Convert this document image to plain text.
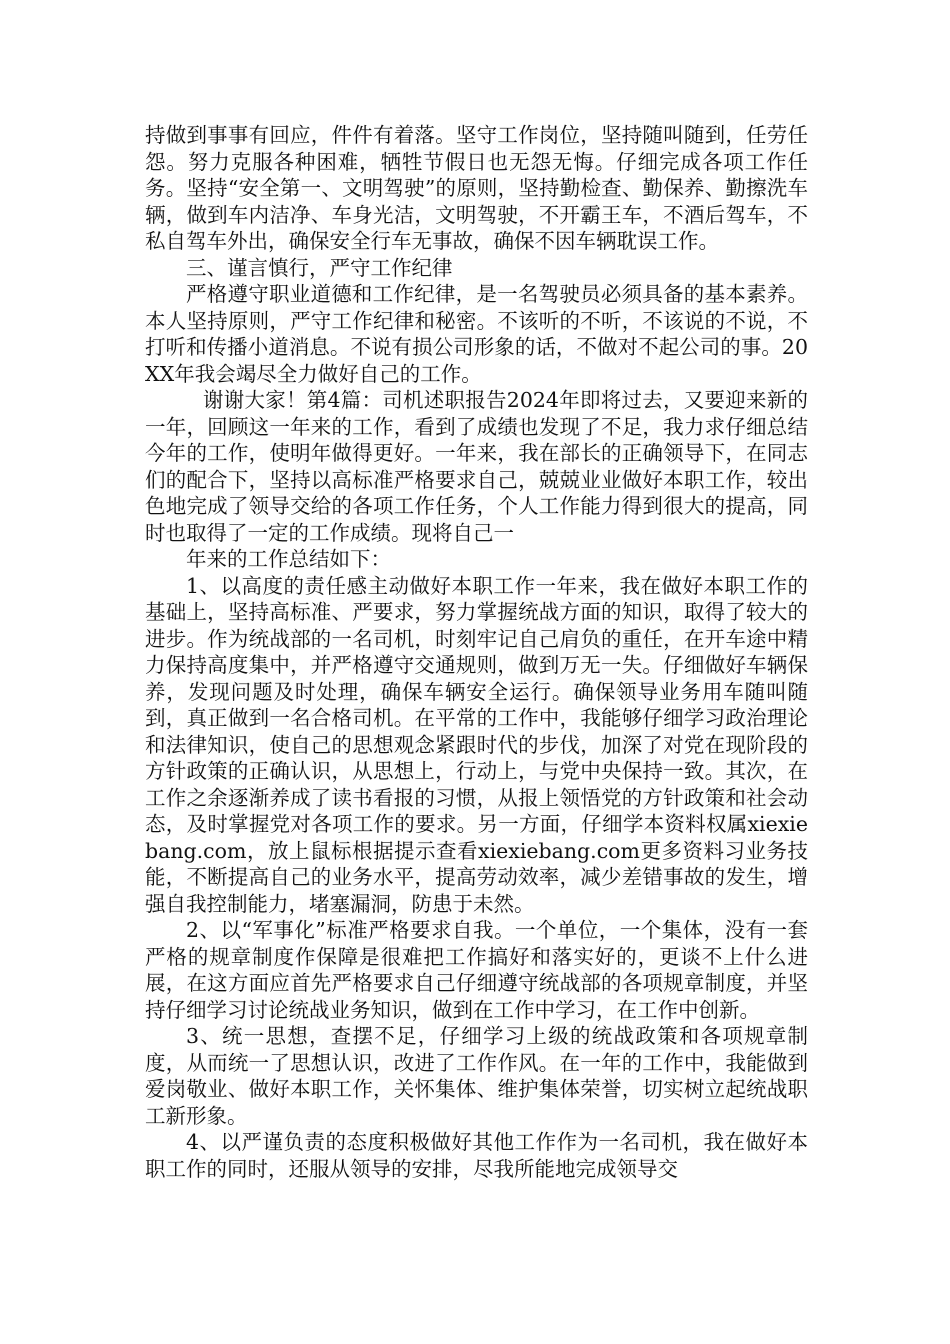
持做到事事有回应，件件有着落。坚守工作岗位，坚持随叫随到，任劳任怨。努力克服各种困难，牺牲节假日也无怨无悔。仔细完成各项工作任务。坚持“安全第一、文明驾驶”的原则，坚持勤检查、勤保养、勤擦洗车辆，做到车内洁净、车身光洁，文明驾驶，不开霸王车，不酒后驾车，不私自驾车外出，确保安全行车无事故，确保不因车辆耽误工作。

三、谨言慎行，严守工作纪律

严格遵守职业道德和工作纪律，是一名驾驶员必须具备的基本素养。本人坚持原则，严守工作纪律和秘密。不该听的不听，不该说的不说，不打听和传播小道消息。不说有损公司形象的话，不做对不起公司的事。20XX年我会竭尽全力做好自己的工作。

谢谢大家！第4篇：司机述职报告2024年即将过去，又要迎来新的一年，回顾这一年来的工作，看到了成绩也发现了不足，我力求仔细总结今年的工作，使明年做得更好。一年来，我在部长的正确领导下，在同志们的配合下，坚持以高标准严格要求自己，兢兢业业做好本职工作，较出色地完成了领导交给的各项工作任务，个人工作能力得到很大的提高，同时也取得了一定的工作成绩。现将自己一

年来的工作总结如下：

1、以高度的责任感主动做好本职工作一年来，我在做好本职工作的基础上，坚持高标准、严要求，努力掌握统战方面的知识，取得了较大的进步。作为统战部的一名司机，时刻牢记自己肩负的重任，在开车途中精力保持高度集中，并严格遵守交通规则，做到万无一失。仔细做好车辆保养，发现问题及时处理，确保车辆安全运行。确保领导业务用车随叫随到，真正做到一名合格司机。在平常的工作中，我能够仔细学习政治理论和法律知识，使自己的思想观念紧跟时代的步伐，加深了对党在现阶段的方针政策的正确认识，从思想上，行动上，与党中央保持一致。其次，在工作之余逐渐养成了读书看报的习惯，从报上领悟党的方针政策和社会动态，及时掌握党对各项工作的要求。另一方面，仔细学本资料权属xiexiebang.com，放上鼠标根据提示查看xiexiebang.com更多资料习业务技能，不断提高自己的业务水平，提高劳动效率，减少差错事故的发生，增强自我控制能力，堵塞漏洞，防患于未然。

2、以“军事化”标准严格要求自我。一个单位，一个集体，没有一套严格的规章制度作保障是很难把工作搞好和落实好的，更谈不上什么进展，在这方面应首先严格要求自己仔细遵守统战部的各项规章制度，并坚持仔细学习讨论统战业务知识，做到在工作中学习，在工作中创新。

3、统一思想，查摆不足，仔细学习上级的统战政策和各项规章制度，从而统一了思想认识，改进了工作作风。在一年的工作中，我能做到爱岗敬业、做好本职工作，关怀集体、维护集体荣誉，切实树立起统战职工新形象。

4、以严谨负责的态度积极做好其他工作作为一名司机，我在做好本职工作的同时，还服从领导的安排，尽我所能地完成领导交
